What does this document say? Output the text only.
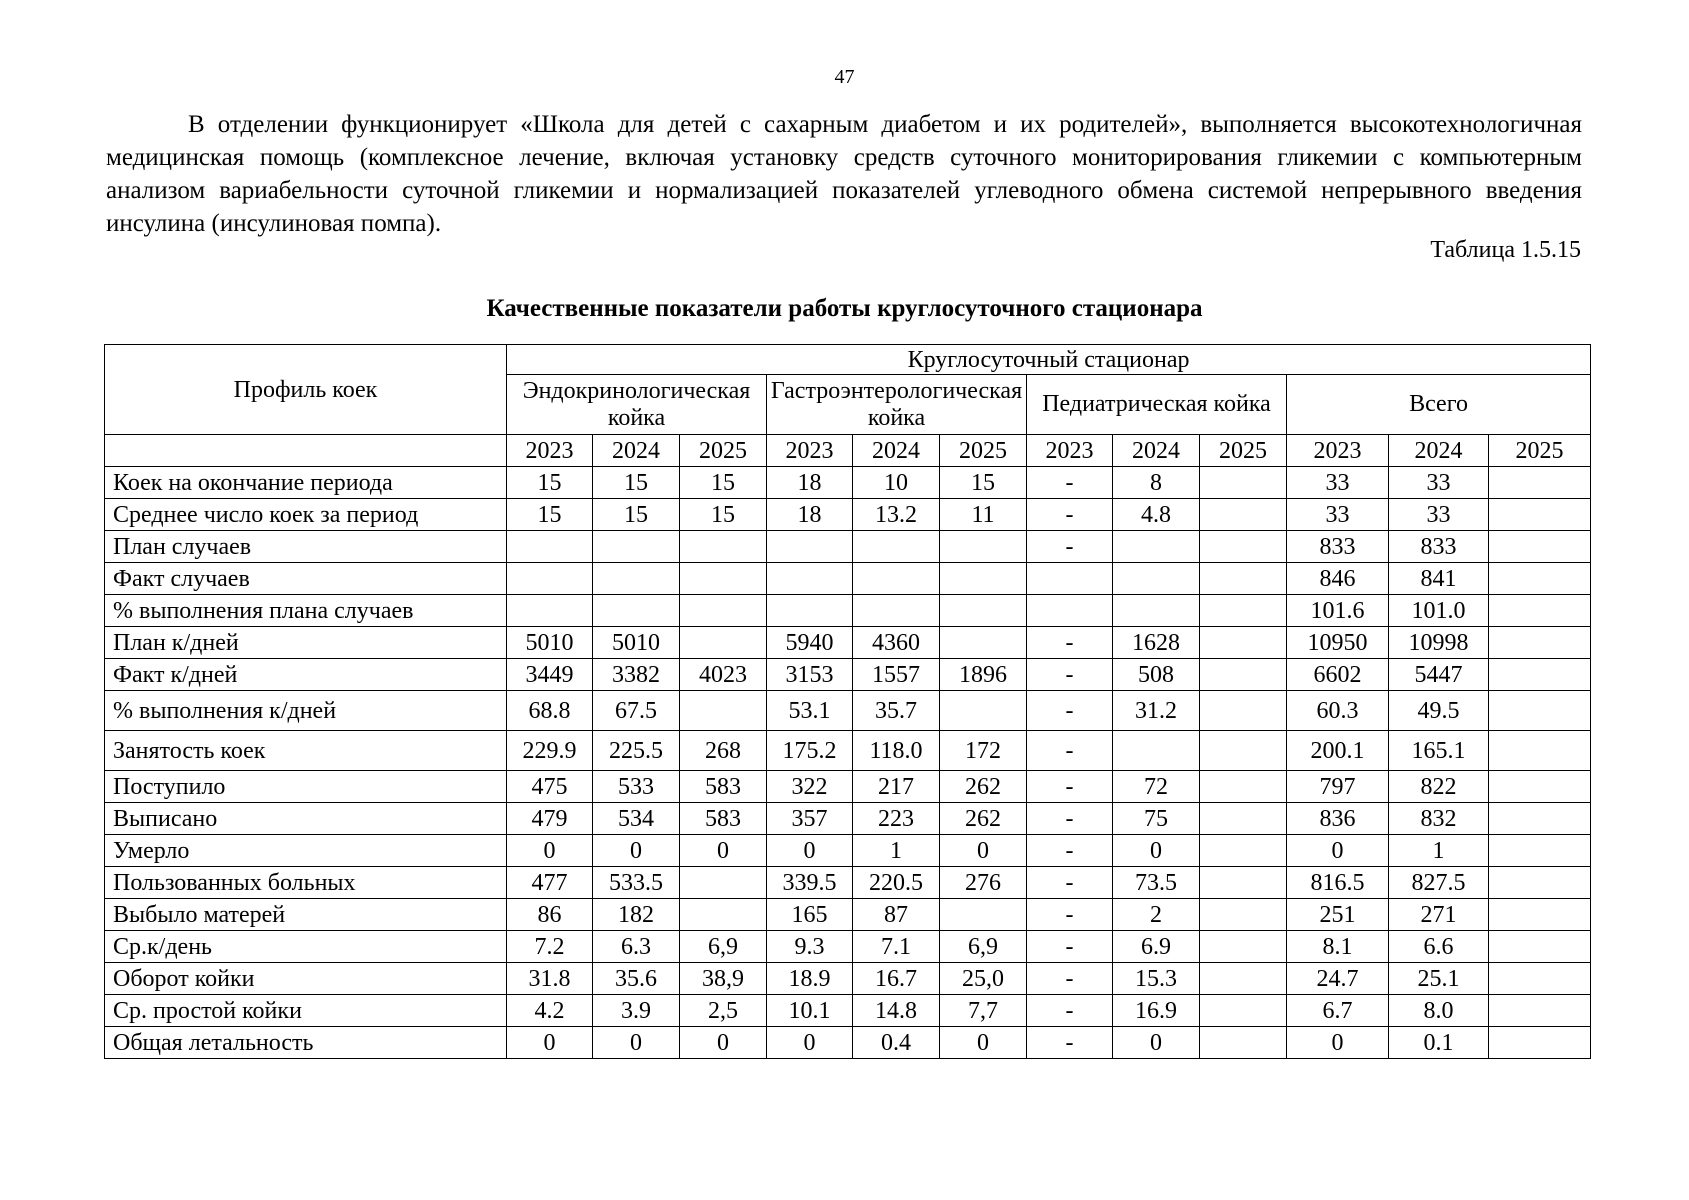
47

В отделении функционирует «Школа для детей с сахарным диабетом и их родителей», выполняется высокотехнологичная медицинская помощь (комплексное лечение, включая установку средств суточного мониторирования гликемии с компьютерным анализом вариабельности суточной гликемии и нормализацией показателей углеводного обмена системой непрерывного введения инсулина (инсулиновая помпа).

Таблица 1.5.15
Качественные показатели работы круглосуточного стационара
Профиль коек	Круглосуточный стационар											
	Эндокринологическая койка			Гастроэнтерологическая койка			Педиатрическая койка			Всего		
	2023	2024	2025	2023	2024	2025	2023	2024	2025	2023	2024	2025
Коек на окончание периода	15	15	15	18	10	15	-	8		33	33	
Среднее число коек за период	15	15	15	18	13.2	11	-	4.8		33	33	
План случаев							-			833	833	
Факт случаев										846	841	
% выполнения плана случаев										101.6	101.0	
План к/дней	5010	5010		5940	4360		-	1628		10950	10998	
Факт к/дней	3449	3382	4023	3153	1557	1896	-	508		6602	5447	
% выполнения к/дней	68.8	67.5		53.1	35.7		-	31.2		60.3	49.5	
Занятость коек	229.9	225.5	268	175.2	118.0	172	-			200.1	165.1	
Поступило	475	533	583	322	217	262	-	72		797	822	
Выписано	479	534	583	357	223	262	-	75		836	832	
Умерло	0	0	0	0	1	0	-	0		0	1	
Пользованных больных	477	533.5		339.5	220.5	276	-	73.5		816.5	827.5	
Выбыло матерей	86	182		165	87		-	2		251	271	
Ср.к/день	7.2	6.3	6,9	9.3	7.1	6,9	-	6.9		8.1	6.6	
Оборот койки	31.8	35.6	38,9	18.9	16.7	25,0	-	15.3		24.7	25.1	
Ср. простой койки	4.2	3.9	2,5	10.1	14.8	7,7	-	16.9		6.7	8.0	
Общая летальность	0	0	0	0	0.4	0	-	0		0	0.1	
